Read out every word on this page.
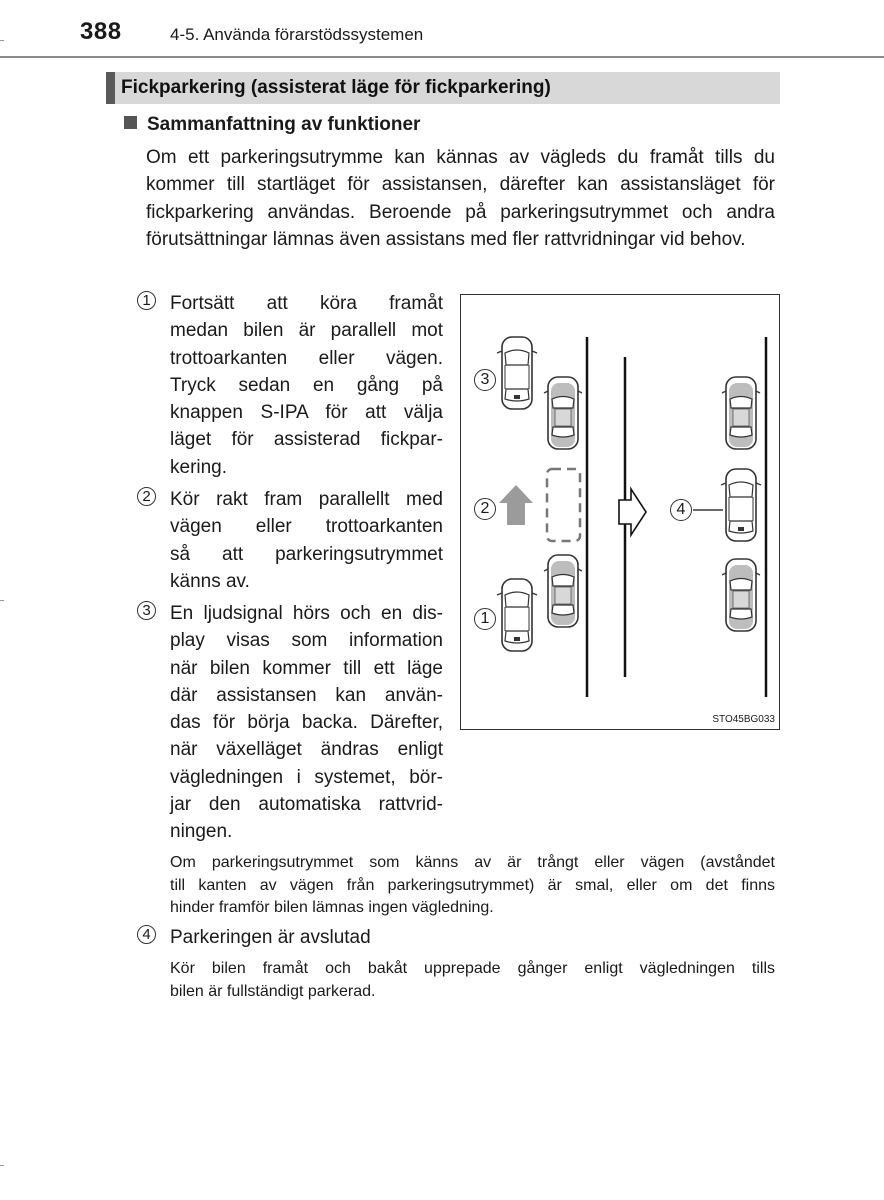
388	4-5. Använda förarstödssystemen
Fickparkering (assisterat läge för fickparkering)
Sammanfattning av funktioner
Om ett parkeringsutrymme kan kännas av vägleds du framåt tills du kommer till startläget för assistansen, därefter kan assistansläget för fickparkering användas. Beroende på parkeringsutrymmet och andra förutsättningar lämnas även assistans med fler rattvridningar vid behov.
1 Fortsätt att köra framåt
medan bilen är parallell mot
trottoarkanten eller vägen.
Tryck sedan en gång på
knappen S-IPA för att välja
läget för assisterad fickpar-
kering.
2 Kör rakt fram parallellt med
vägen eller trottoarkanten
så att parkeringsutrymmet
känns av.
3 En ljudsignal hörs och en dis-
play visas som information
när bilen kommer till ett läge
där assistansen kan använ-
das för börja backa. Därefter,
när växelläget ändras enligt
vägledningen i systemet, bör-
jar den automatiska rattvrid-
ningen.
Om parkeringsutrymmet som känns av är trångt eller vägen (avståndet
till kanten av vägen från parkeringsutrymmet) är smal, eller om det finns
hinder framför bilen lämnas ingen vägledning.
4 Parkeringen är avslutad
Kör bilen framåt och bakåt upprepade gånger enligt vägledningen tills
bilen är fullständigt parkerad.
3
2
1
4
STO45BG033
